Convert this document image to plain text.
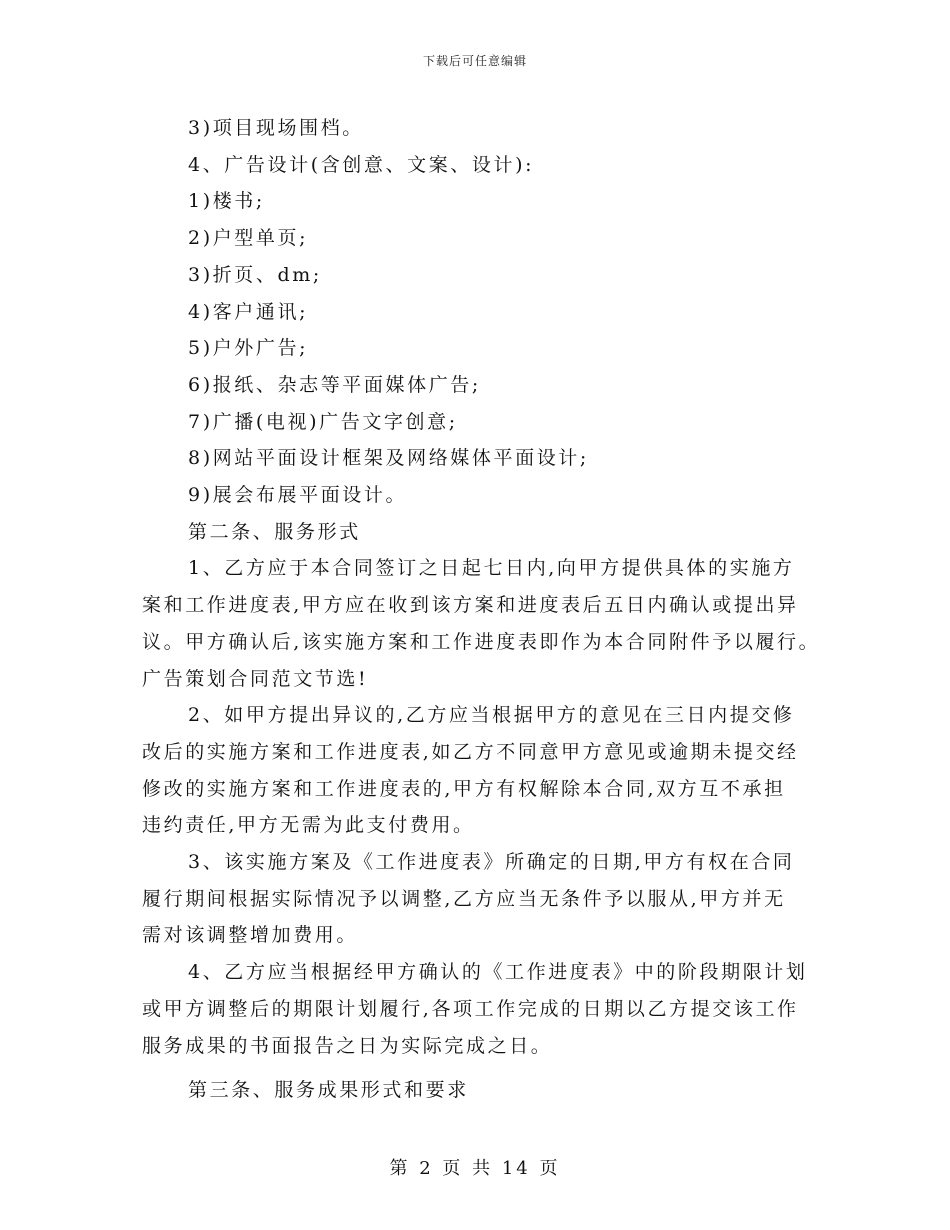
下载后可任意编辑
3)项目现场围档。
4、广告设计(含创意、文案、设计):
1)楼书;
2)户型单页;
3)折页、dm;
4)客户通讯;
5)户外广告;
6)报纸、杂志等平面媒体广告;
7)广播(电视)广告文字创意;
8)网站平面设计框架及网络媒体平面设计;
9)展会布展平面设计。
第二条、服务形式
1、乙方应于本合同签订之日起七日内,向甲方提供具体的实施方
案和工作进度表,甲方应在收到该方案和进度表后五日内确认或提出异
议。甲方确认后,该实施方案和工作进度表即作为本合同附件予以履行。
广告策划合同范文节选!
2、如甲方提出异议的,乙方应当根据甲方的意见在三日内提交修
改后的实施方案和工作进度表,如乙方不同意甲方意见或逾期未提交经
修改的实施方案和工作进度表的,甲方有权解除本合同,双方互不承担
违约责任,甲方无需为此支付费用。
3、该实施方案及《工作进度表》所确定的日期,甲方有权在合同
履行期间根据实际情况予以调整,乙方应当无条件予以服从,甲方并无
需对该调整增加费用。
4、乙方应当根据经甲方确认的《工作进度表》中的阶段期限计划
或甲方调整后的期限计划履行,各项工作完成的日期以乙方提交该工作
服务成果的书面报告之日为实际完成之日。
第三条、服务成果形式和要求
第 2 页 共 14 页
